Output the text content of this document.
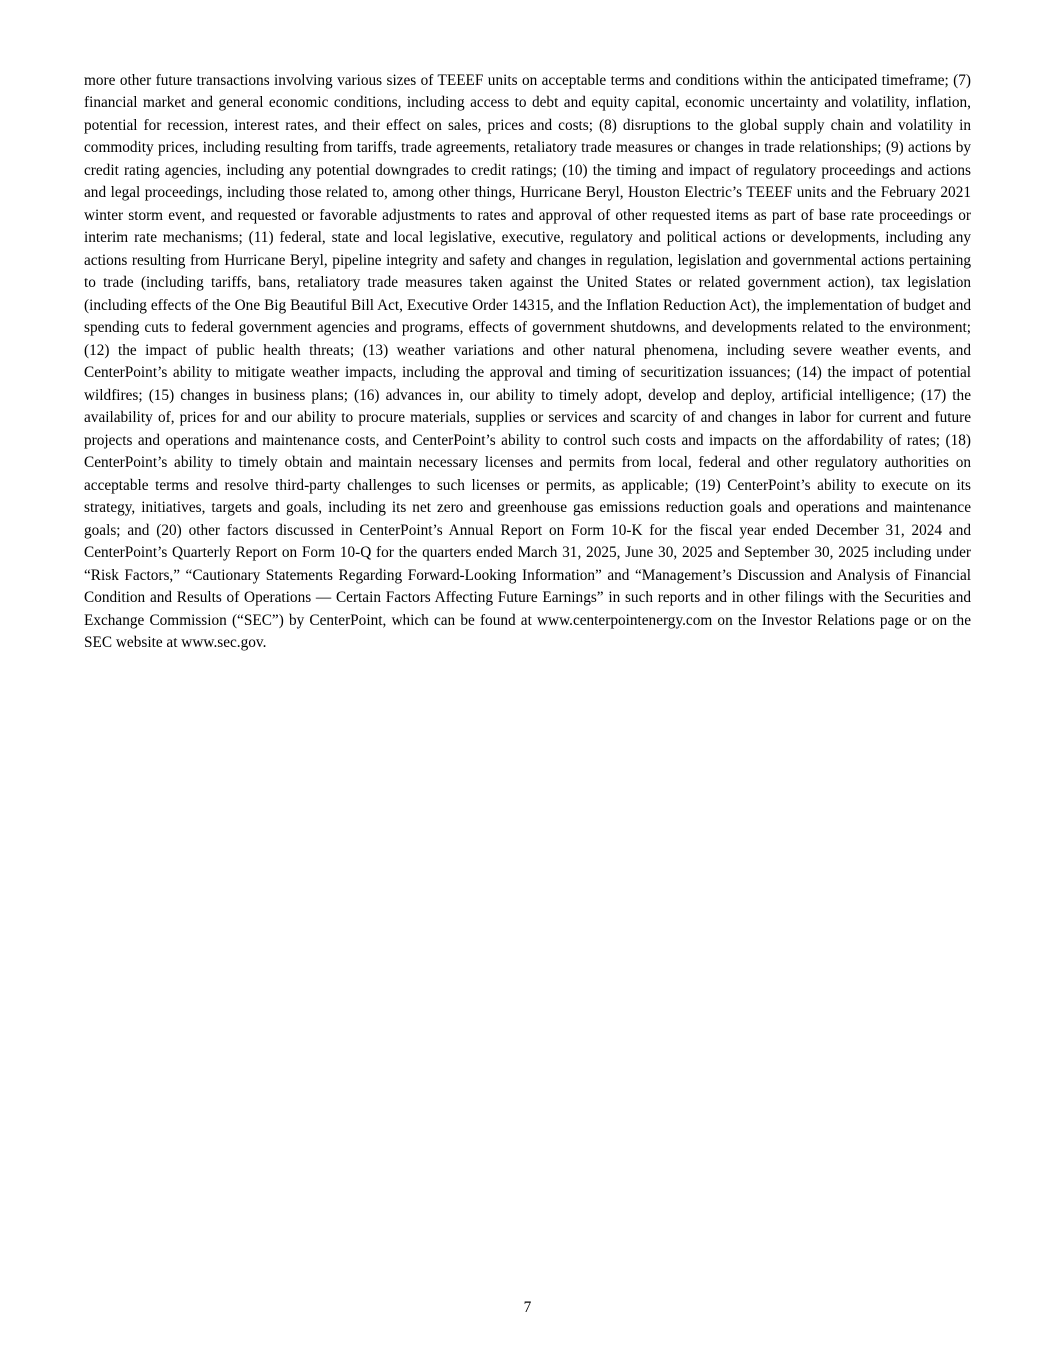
more other future transactions involving various sizes of TEEEF units on acceptable terms and conditions within the anticipated timeframe; (7) financial market and general economic conditions, including access to debt and equity capital, economic uncertainty and volatility, inflation, potential for recession, interest rates, and their effect on sales, prices and costs; (8) disruptions to the global supply chain and volatility in commodity prices, including resulting from tariffs, trade agreements, retaliatory trade measures or changes in trade relationships; (9) actions by credit rating agencies, including any potential downgrades to credit ratings; (10) the timing and impact of regulatory proceedings and actions and legal proceedings, including those related to, among other things, Hurricane Beryl, Houston Electric’s TEEEF units and the February 2021 winter storm event, and requested or favorable adjustments to rates and approval of other requested items as part of base rate proceedings or interim rate mechanisms; (11) federal, state and local legislative, executive, regulatory and political actions or developments, including any actions resulting from Hurricane Beryl, pipeline integrity and safety and changes in regulation, legislation and governmental actions pertaining to trade (including tariffs, bans, retaliatory trade measures taken against the United States or related government action), tax legislation (including effects of the One Big Beautiful Bill Act, Executive Order 14315, and the Inflation Reduction Act), the implementation of budget and spending cuts to federal government agencies and programs, effects of government shutdowns, and developments related to the environment; (12) the impact of public health threats; (13) weather variations and other natural phenomena, including severe weather events, and CenterPoint’s ability to mitigate weather impacts, including the approval and timing of securitization issuances; (14) the impact of potential wildfires; (15) changes in business plans; (16) advances in, our ability to timely adopt, develop and deploy, artificial intelligence; (17) the availability of, prices for and our ability to procure materials, supplies or services and scarcity of and changes in labor for current and future projects and operations and maintenance costs, and CenterPoint’s ability to control such costs and impacts on the affordability of rates; (18) CenterPoint’s ability to timely obtain and maintain necessary licenses and permits from local, federal and other regulatory authorities on acceptable terms and resolve third-party challenges to such licenses or permits, as applicable; (19) CenterPoint’s ability to execute on its strategy, initiatives, targets and goals, including its net zero and greenhouse gas emissions reduction goals and operations and maintenance goals; and (20) other factors discussed in CenterPoint’s Annual Report on Form 10-K for the fiscal year ended December 31, 2024 and CenterPoint’s Quarterly Report on Form 10-Q for the quarters ended March 31, 2025, June 30, 2025 and September 30, 2025 including under “Risk Factors,” “Cautionary Statements Regarding Forward-Looking Information” and “Management’s Discussion and Analysis of Financial Condition and Results of Operations — Certain Factors Affecting Future Earnings” in such reports and in other filings with the Securities and Exchange Commission (“SEC”) by CenterPoint, which can be found at www.centerpointenergy.com on the Investor Relations page or on the SEC website at www.sec.gov.

7
